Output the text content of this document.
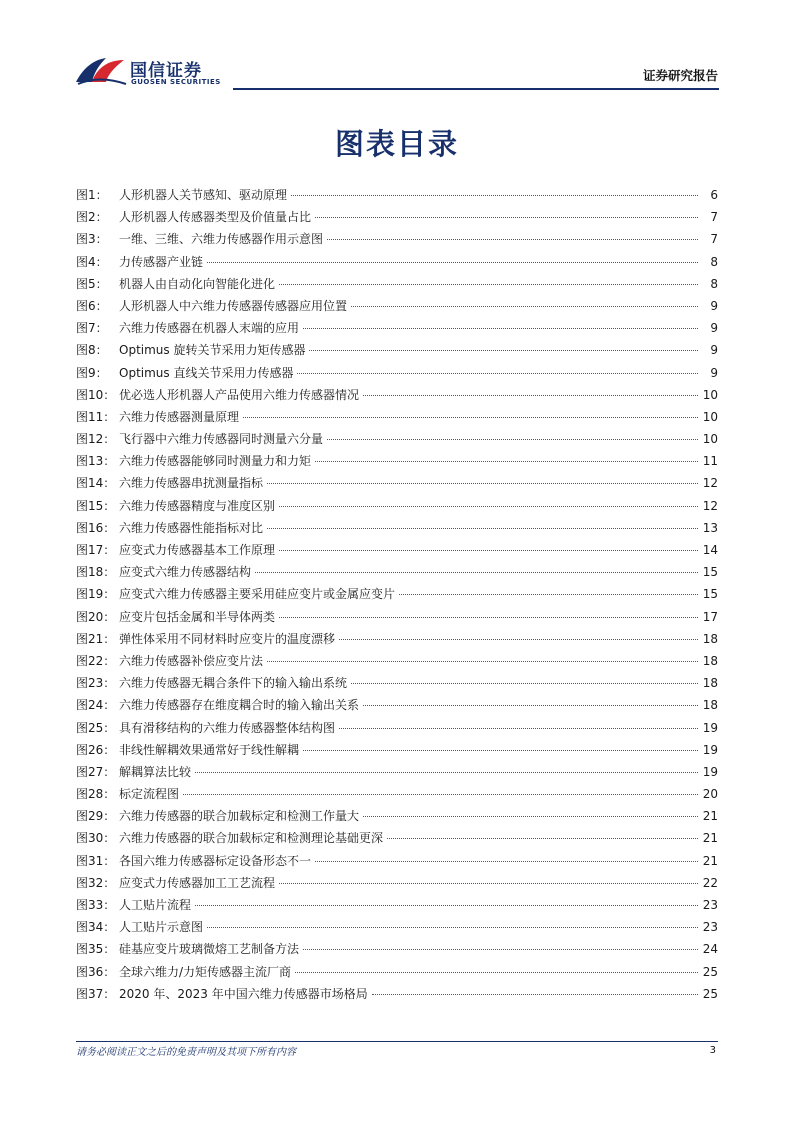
国信证券
GUOSEN SECURITIES	证券研究报告
图表目录
图1： 人形机器人关节感知、驱动原理	6
图2： 人形机器人传感器类型及价值量占比	7
图3： 一维、三维、六维力传感器作用示意图	7
图4： 力传感器产业链	8
图5： 机器人由自动化向智能化进化	8
图6： 人形机器人中六维力传感器传感器应用位置	9
图7： 六维力传感器在机器人末端的应用	9
图8： Optimus 旋转关节采用力矩传感器	9
图9： Optimus 直线关节采用力传感器	9
图10： 优必选人形机器人产品使用六维力传感器情况	10
图11： 六维力传感器测量原理	10
图12： 飞行器中六维力传感器同时测量六分量	10
图13： 六维力传感器能够同时测量力和力矩	11
图14： 六维力传感器串扰测量指标	12
图15： 六维力传感器精度与准度区别	12
图16： 六维力传感器性能指标对比	13
图17： 应变式力传感器基本工作原理	14
图18： 应变式六维力传感器结构	15
图19： 应变式六维力传感器主要采用硅应变片或金属应变片	15
图20： 应变片包括金属和半导体两类	17
图21： 弹性体采用不同材料时应变片的温度漂移	18
图22： 六维力传感器补偿应变片法	18
图23： 六维力传感器无耦合条件下的输入输出系统	18
图24： 六维力传感器存在维度耦合时的输入输出关系	18
图25： 具有滑移结构的六维力传感器整体结构图	19
图26： 非线性解耦效果通常好于线性解耦	19
图27： 解耦算法比较	19
图28： 标定流程图	20
图29： 六维力传感器的联合加载标定和检测工作量大	21
图30： 六维力传感器的联合加载标定和检测理论基础更深	21
图31： 各国六维力传感器标定设备形态不一	21
图32： 应变式力传感器加工工艺流程	22
图33： 人工贴片流程	23
图34： 人工贴片示意图	23
图35： 硅基应变片玻璃微熔工艺制备方法	24
图36： 全球六维力/力矩传感器主流厂商	25
图37： 2020 年、2023 年中国六维力传感器市场格局	25
请务必阅读正文之后的免责声明及其项下所有内容	3
